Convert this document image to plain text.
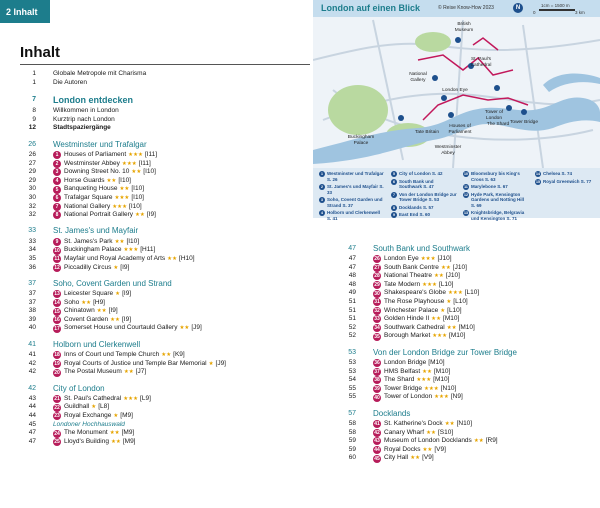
2 Inhalt
Inhalt
1	Globale Metropole mit Charisma
1	Die Autoren
7 London entdecken
8	Willkommen in London
9	Kurztrip nach London
12	Stadtspaziergänge
26 Westminster und Trafalgar
26	1 Houses of Parliament ★★★ [I11]
27	2 Westminster Abbey ★★★ [I11]
29	3 Downing Street No. 10 ★★ [I10]
29	4 Horse Guards ★★ [I10]
30	5 Banqueting House ★★ [I10]
30	6 Trafalgar Square ★★★ [I10]
32	7 National Gallery ★★★ [I10]
32	8 National Portrait Gallery ★★ [I9]
33 St. James's und Mayfair
33	9 St. James's Park ★★ [I10]
34	10 Buckingham Palace ★★★ [H11]
35	11 Mayfair und Royal Academy of Arts ★★ [H10]
36	12 Piccadilly Circus ★ [I9]
37 Soho, Covent Garden und Strand
37	13 Leicester Square ★ [I9]
37	14 Soho ★★ [H9]
38	15 Chinatown ★★ [I9]
39	16 Covent Garden ★★ [I9]
40	17 Somerset House und Courtauld Gallery ★★ [J9]
41 Holborn und Clerkenwell
41	18 Inns of Court und Temple Church ★★ [K9]
42	19 Royal Courts of Justice und Temple Bar Memorial ★ [J9]
42	20 The Postal Museum ★★ [J7]
42 City of London
43	21 St. Paul's Cathedral ★★★ [L9]
44	22 Guildhall ★ [L8]
44	23 Royal Exchange ★ [M9]
45	Londoner Hochhauswald
47	24 The Monument ★★ [M9]
47	25 Lloyd's Building ★★ [M9]
47 South Bank und Southwark
47	26 London Eye ★★★ [J10]
47	27 South Bank Centre ★★ [J10]
48	28 National Theatre ★★ [J10]
48	29 Tate Modern ★★★ [L10]
49	30 Shakespeare's Globe ★★★ [L10]
51	31 The Rose Playhouse ★ [L10]
51	32 Winchester Palace ★ [L10]
51	33 Golden Hinde II ★★ [M10]
52	34 Southwark Cathedral ★★ [M10]
52	35 Borough Market ★★★ [M10]
53 Von der London Bridge zur Tower Bridge
53	36 London Bridge [M10]
53	37 HMS Belfast ★★ [M10]
54	38 The Shard ★★★ [M10]
55	39 Tower Bridge ★★★ [N10]
55	40 Tower of London ★★★ [N9]
57 Docklands
58	41 St. Katherine's Dock ★★ [N10]
58	42 Canary Wharf ★★ [S10]
59	43 Museum of London Docklands ★★ [R9]
59	44 Royal Docks ★★ [V9]
60	45 City Hall ★★ [V9]
London auf einen Blick	© Reise Know-How 2023	N
0
1cm = 1500 m
3 km
British Museum
St. Paul's Cathedral
National Gallery
London Eye
Buckingham Palace
Houses of Parliament
Tate Britain
Westminster Abbey
The Shard
Tower of London
Tower Bridge
1 Westminster und Trafalgar S. 26
2 St. James's und Mayfair S. 33
3 Soho, Covent Garden und Strand S. 37
4 Holborn und Clerkenwell S. 41
5 City of London S. 42
6 South Bank und Southwark S. 47
7 Von der London Bridge zur Tower Bridge S. 53
8 Docklands S. 57
9 East End S. 60
10 Bloomsbury bis King's Cross S. 63
11 Marylebone S. 67
12 Hyde Park, Kensington Gardens und Notting Hill S. 69
13 Knightsbridge, Belgravia und Kensington S. 71
14 Chelsea S. 74
15 Royal Greenwich S. 77
